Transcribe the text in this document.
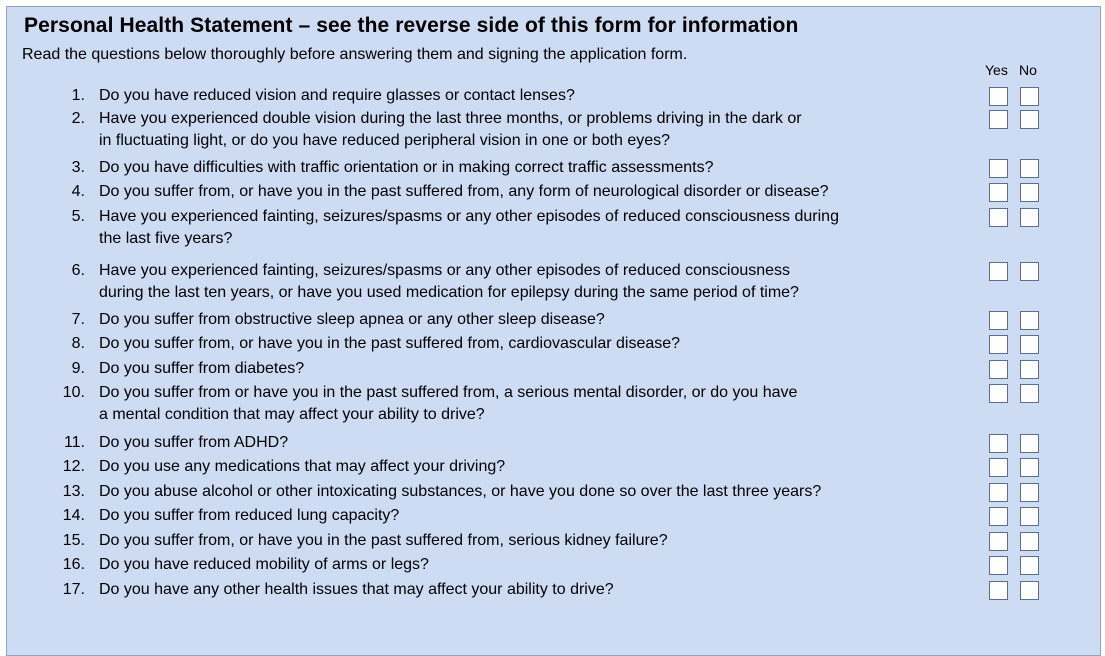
Personal Health Statement – see the reverse side of this form for information
Read the questions below thoroughly before answering them and signing the application form.
Yes No
1. Do you have reduced vision and require glasses or contact lenses?
2. Have you experienced double vision during the last three months, or problems driving in the dark or
in fluctuating light, or do you have reduced peripheral vision in one or both eyes?
3. Do you have difficulties with traffic orientation or in making correct traffic assessments?
4. Do you suffer from, or have you in the past suffered from, any form of neurological disorder or disease?
5. Have you experienced fainting, seizures/spasms or any other episodes of reduced consciousness during
the last five years?
6. Have you experienced fainting, seizures/spasms or any other episodes of reduced consciousness
during the last ten years, or have you used medication for epilepsy during the same period of time?
7. Do you suffer from obstructive sleep apnea or any other sleep disease?
8. Do you suffer from, or have you in the past suffered from, cardiovascular disease?
9. Do you suffer from diabetes?
10. Do you suffer from or have you in the past suffered from, a serious mental disorder, or do you have
a mental condition that may affect your ability to drive?
11. Do you suffer from ADHD?
12. Do you use any medications that may affect your driving?
13. Do you abuse alcohol or other intoxicating substances, or have you done so over the last three years?
14. Do you suffer from reduced lung capacity?
15. Do you suffer from, or have you in the past suffered from, serious kidney failure?
16. Do you have reduced mobility of arms or legs?
17. Do you have any other health issues that may affect your ability to drive?
